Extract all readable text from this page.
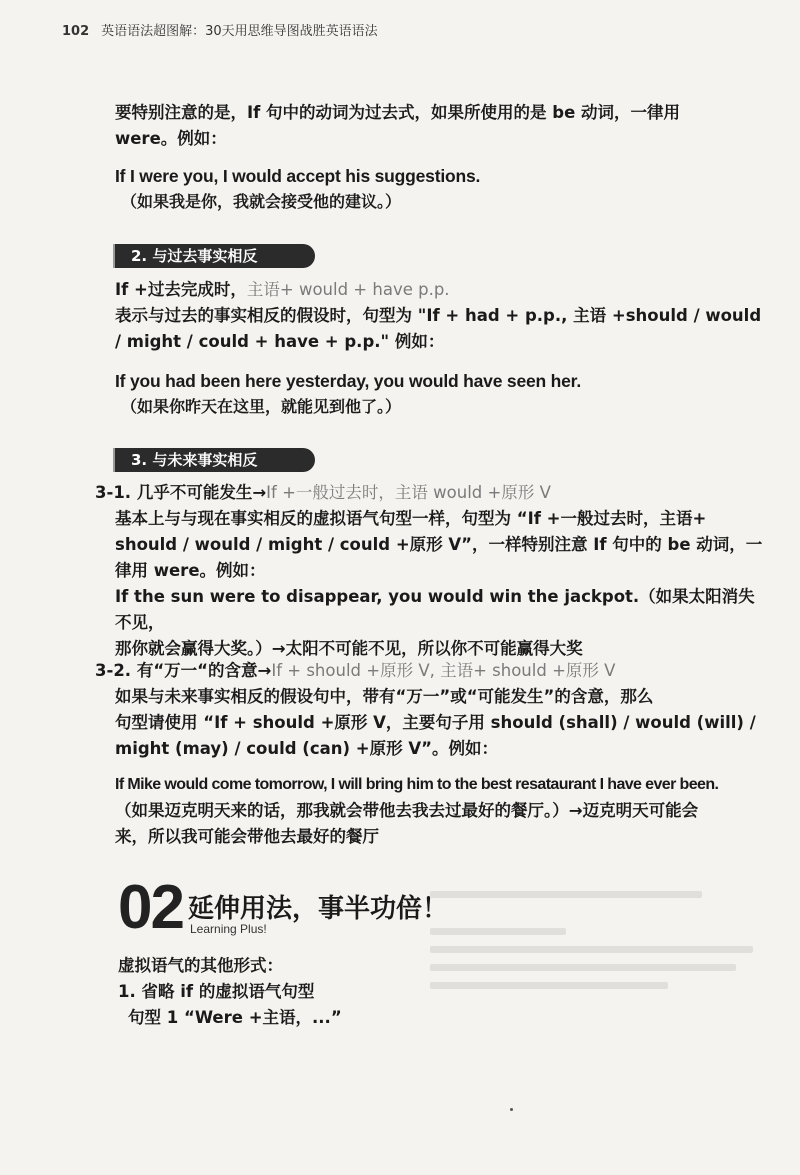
102 英语语法超图解：30天用思维导图战胜英语语法

要特别注意的是，If 句中的动词为过去式，如果所使用的是 be 动词，一律用

were。例如：

If I were you, I would accept his suggestions.

（如果我是你，我就会接受他的建议。）

2. 与过去事实相反

If +过去完成时，主语+ would + have p.p.

表示与过去的事实相反的假设时，句型为 "If + had + p.p., 主语 +should / would

/ might / could + have + p.p." 例如：

If you had been here yesterday, you would have seen her.

（如果你昨天在这里，就能见到他了。）

3. 与未来事实相反
3-1. 几乎不可能发生→If +一般过去时，主语 would +原形 V

基本上与与现在事实相反的虚拟语气句型一样，句型为 “If +一般过去时，主语+

should / would / might / could +原形 V”，一样特别注意 If 句中的 be 动词，一

律用 were。例如：

If the sun were to disappear, you would win the jackpot.（如果太阳消失不见，

那你就会赢得大奖。）→太阳不可能不见，所以你不可能赢得大奖

3-2. 有“万一“的含意→If + should +原形 V, 主语+ should +原形 V

如果与未来事实相反的假设句中，带有“万一”或“可能发生”的含意，那么

句型请使用 “If + should +原形 V，主要句子用 should (shall) / would (will) /

might (may) / could (can) +原形 V”。例如：

If Mike would come tomorrow, I will bring him to the best resataurant I have ever been.

（如果迈克明天来的话，那我就会带他去我去过最好的餐厅。）→迈克明天可能会

来，所以我可能会带他去最好的餐厅

02 延伸用法，事半功倍！
Learning Plus!

虚拟语气的其他形式：

1. 省略 if 的虚拟语气句型

句型 1 “Were +主语，...”
